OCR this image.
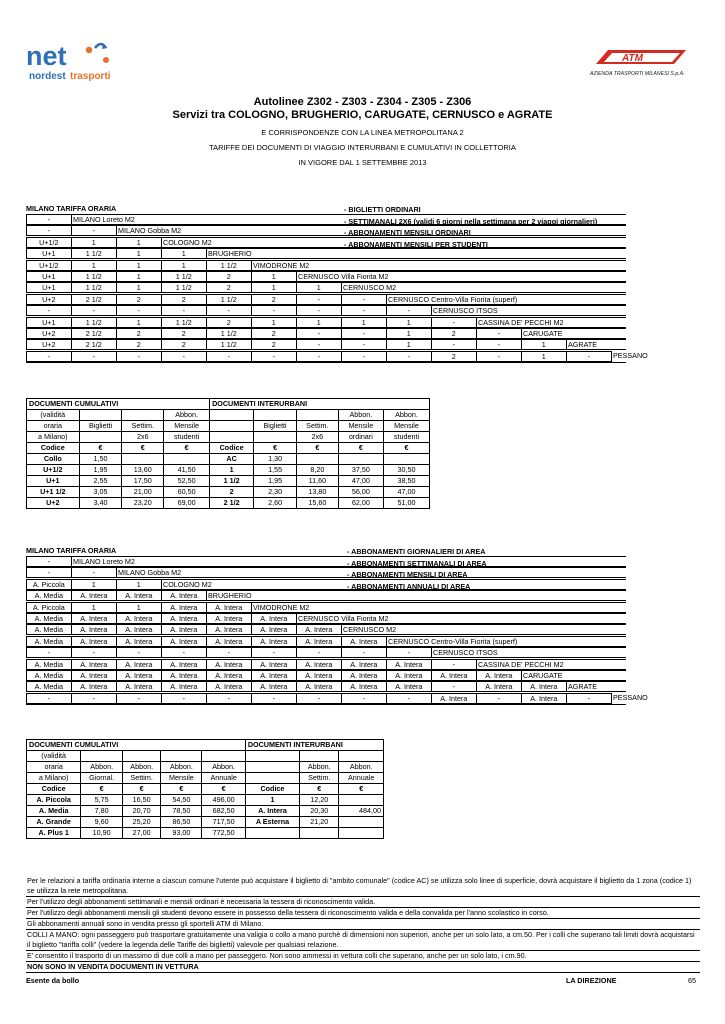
net
nordest trasporti
ATM
AZIENDA TRASPORTI MILANESI S.p.A.
Autolinee Z302 - Z303 - Z304 - Z305 - Z306
Servizi tra COLOGNO, BRUGHERIO, CARUGATE, CERNUSCO e AGRATE
E CORRISPONDENZE CON LA LINEA METROPOLITANA 2
TARIFFE DEI DOCUMENTI DI VIAGGIO INTERURBANI E CUMULATIVI IN COLLETTORIA
IN VIGORE DAL 1 SETTEMBRE 2013
MILANO TARIFFA ORARIA
-	MILANO Loreto M2
-	-	MILANO Gobba M2
U+1/2	1	1	COLOGNO M2
U+1	1 1/2	1	1	BRUGHERIO
U+1/2	1	1	1	1 1/2	VIMODRONE M2
U+1	1 1/2	1	1 1/2	2	1	CERNUSCO Villa Fiorita M2
U+1	1 1/2	1	1 1/2	2	1	1	CERNUSCO M2
U+2	2 1/2	2	2	1 1/2	2	-	-	CERNUSCO Centro-Villa Fiorita (superf)
-	-	-	-	-	-	-	-	-	CERNUSCO ITSOS
U+1	1 1/2	1	1 1/2	2	1	1	1	1	-	CASSINA DE' PECCHI M2
U+2	2 1/2	2	2	1 1/2	2	-	-	1	2	-	CARUGATE
U+2	2 1/2	2	2	1 1/2	2	-	-	1	-	-	1	AGRATE
-	-	-	-	-	-	-	-	-	2	-	1	-	PESSANO
- BIGLIETTI ORDINARI
- SETTIMANALI 2X6 (validi 6 giorni nella settimana per 2 viaggi giornalieri)
- ABBONAMENTI MENSILI ORDINARI
- ABBONAMENTI MENSILI PER STUDENTI
DOCUMENTI CUMULATIVI				DOCUMENTI INTERURBANI				
(validità			Abbon.				Abbon.	Abbon.
oraria	Biglietti	Settim.	Mensile		Biglietti	Settim.	Mensile	Mensile
a Milano)		2x6	studenti			2x6	ordinari	studenti
Codice	€	€	€	Codice	€	€	€	€
Collo	1,50			AC	1,30			
U+1/2	1,95	13,60	41,50	1	1,55	8,20	37,50	30,50
U+1	2,55	17,50	52,50	1 1/2	1,95	11,60	47,00	38,50
U+1 1/2	3,05	21,00	60,50	2	2,30	13,80	56,00	47,00
U+2	3,40	23,20	69,00	2 1/2	2,60	15,60	62,00	51,00
MILANO TARIFFA ORARIA
-	MILANO Loreto M2
-	-	MILANO Gobba M2
A. Piccola	1	1	COLOGNO M2
A. Media	A. Intera	A. Intera	A. Intera	BRUGHERIO
A. Piccola	1	1	A. Intera	A. Intera	VIMODRONE M2
A. Media	A. Intera	A. Intera	A. Intera	A. Intera	A. Intera	CERNUSCO Villa Fiorita M2
A. Media	A. Intera	A. Intera	A. Intera	A. Intera	A. Intera	A. Intera	CERNUSCO M2
A. Media	A. Intera	A. Intera	A. Intera	A. Intera	A. Intera	A. Intera	A. Intera	CERNUSCO Centro-Villa Fiorita (superf)
-	-	-	-	-	-	-	-	-	CERNUSCO ITSOS
A. Media	A. Intera	A. Intera	A. Intera	A. Intera	A. Intera	A. Intera	A. Intera	A. Intera	-	CASSINA DE' PECCHI M2
A. Media	A. Intera	A. Intera	A. Intera	A. Intera	A. Intera	A. Intera	A. Intera	A. Intera	A. Intera	A. Intera	CARUGATE
A. Media	A. Intera	A. Intera	A. Intera	A. Intera	A. Intera	A. Intera	A. Intera	A. Intera	-	A. Intera	A. Intera	AGRATE
-	-	-	-	-	-	-	-	-	A. Intera	-	A. Intera	-	PESSANO
- ABBONAMENTI GIORNALIERI DI AREA
- ABBONAMENTI SETTIMANALI DI AREA
- ABBONAMENTI MENSILI DI AREA
- ABBONAMENTI ANNUALI DI AREA
DOCUMENTI CUMULATIVI					DOCUMENTI INTERURBANI		
(validità							
oraria	Abbon.	Abbon.	Abbon.	Abbon.		Abbon.	Abbon.
a Milano)	Giornal.	Settim.	Mensile	Annuale		Settim.	Annuale
Codice	€	€	€	€	Codice	€	€
A. Piccola	5,75	16,50	54,50	496,00	1	12,20	
A. Media	7,80	20,70	78,50	682,50	A. Intera	20,30	484,00
A. Grande	9,60	25,20	86,50	717,50	A Esterna	21,20	
A. Plus 1	10,90	27,00	93,00	772,50			
Per le relazioni a tariffa ordinaria interne a ciascun comune l'utente può acquistare il biglietto di "ambito comunale" (codice AC) se utilizza solo linee di superficie, dovrà acquistare il biglietto da 1 zona (codice 1) se utilizza la rete metropolitana.
Per l'utilizzo degli abbonamenti settimanali e mensili ordinari è necessaria la tessera di riconoscimento valida.
Per l'utilizzo degli abbonamenti mensili gli studenti devono essere in possesso della tessera di riconoscimento valida e della convalida per l'anno scolastico in corso.
Gli abbonamenti annuali sono in vendita presso gli sportelli ATM di Milano.
COLLI A MANO: ogni passeggero può trasportare gratuitamente una valigia o collo a mano purchè di dimensioni non superiori, anche per un solo lato, a cm.50. Per i colli che superano tali limiti dovrà acquistarsi il biglietto "tariffa colli" (vedere la legenda delle Tariffe dei biglietti) valevole per qualsiasi relazione.
E' consentito il trasporto di un massimo di due colli a mano per passeggero. Non sono ammessi in vettura colli che superano, anche per un solo lato, i cm.90.
NON SONO IN VENDITA DOCUMENTI IN VETTURA
Esente da bollo	LA DIREZIONE	65
